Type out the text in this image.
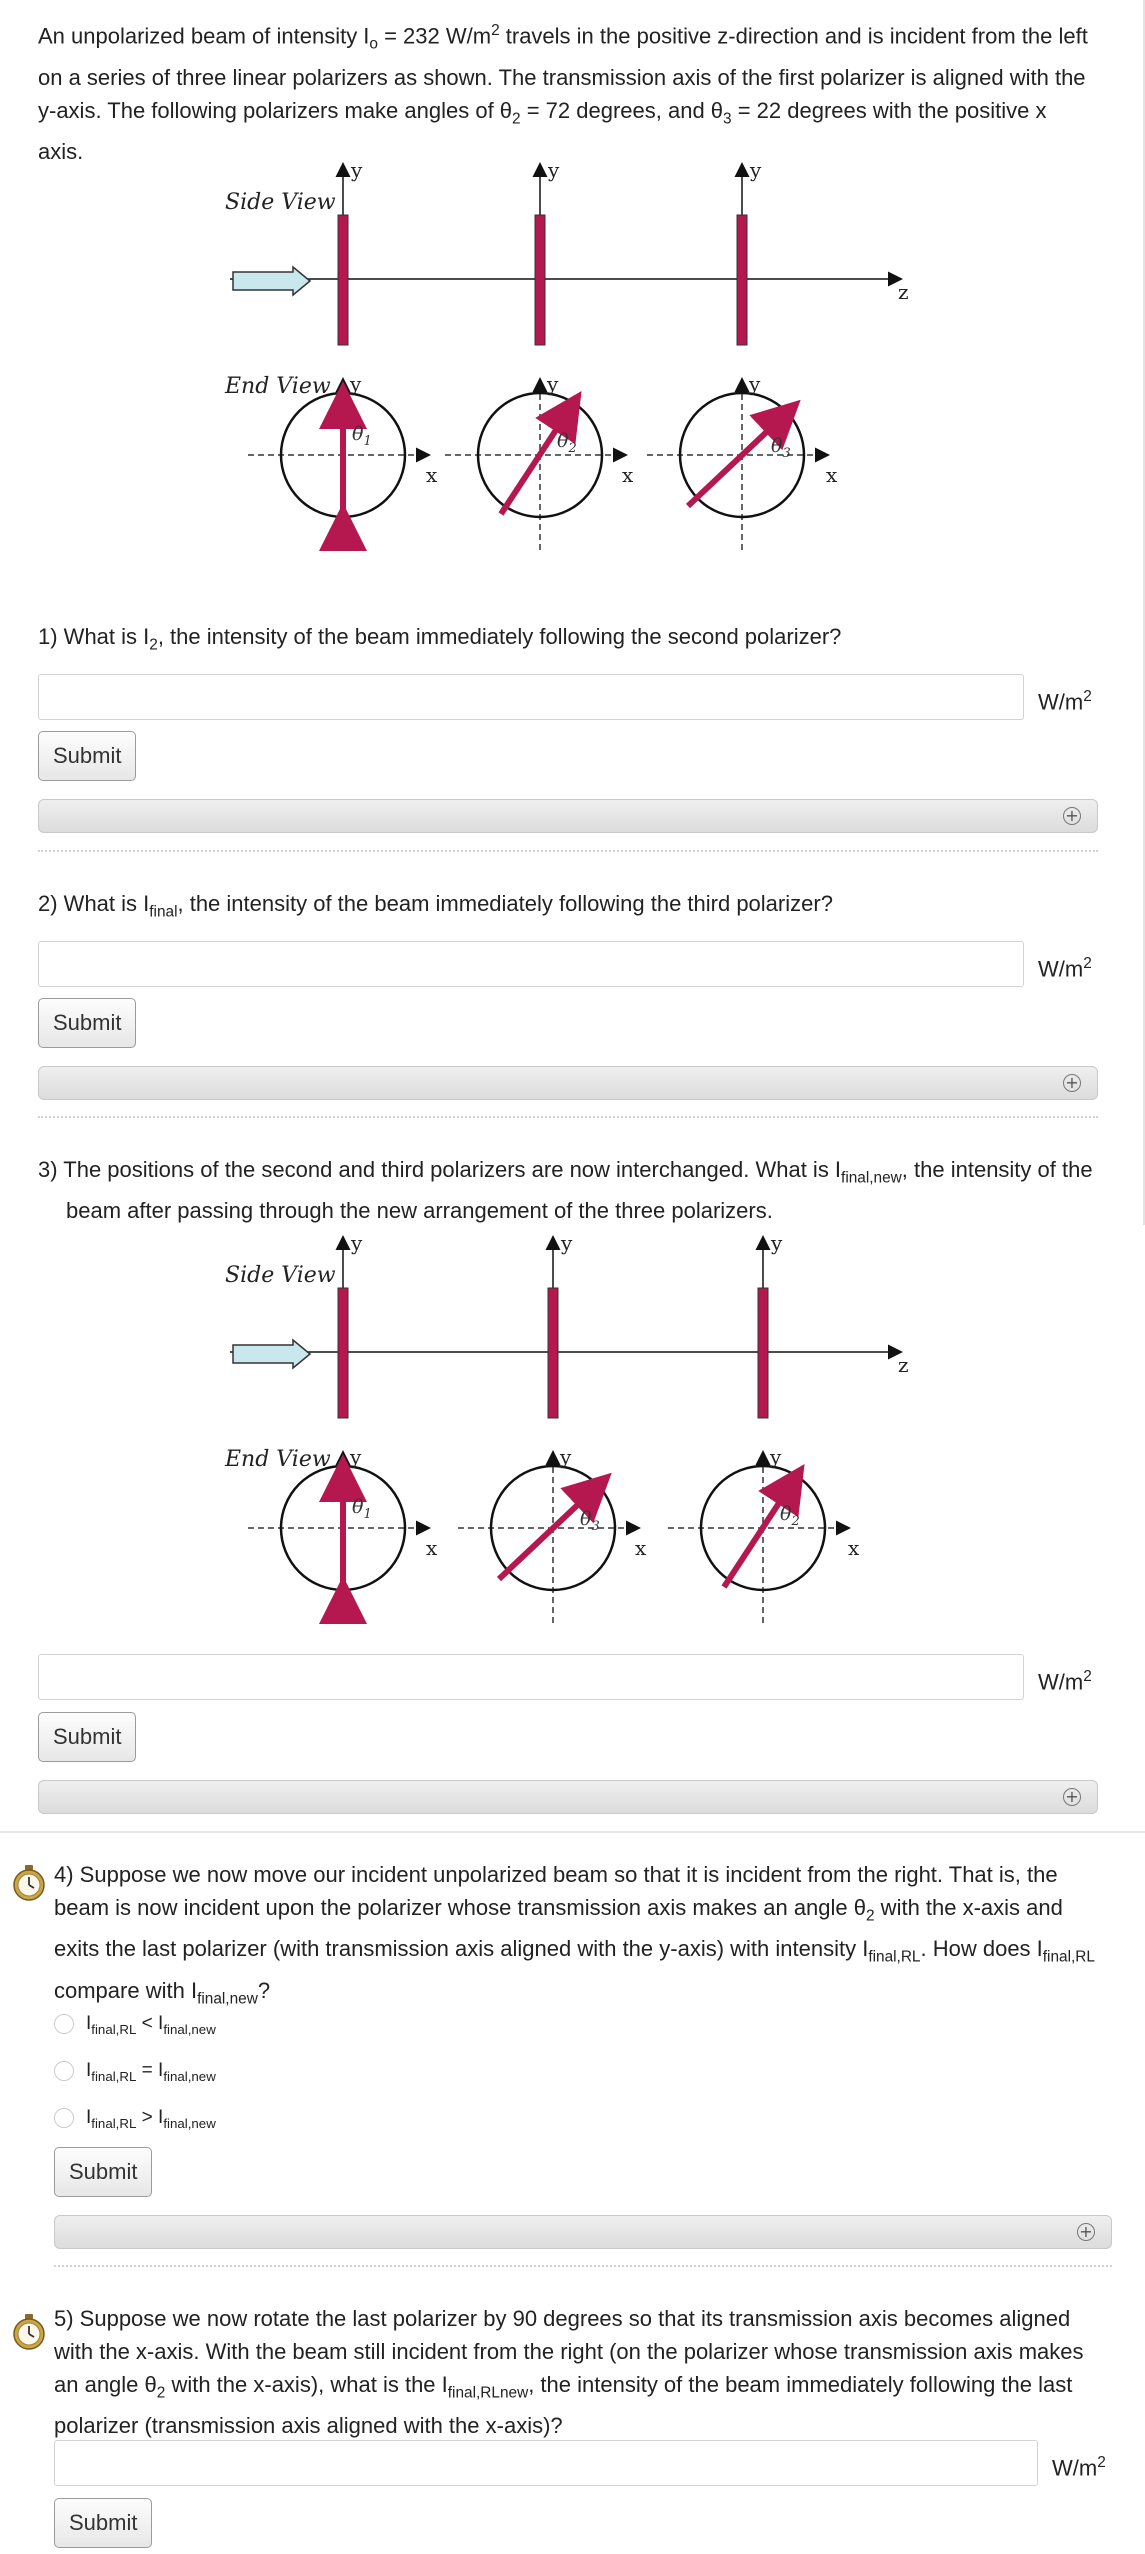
An unpolarized beam of intensity $I_o = 232$ $W/m^2$ travels in the positive z-direction and is incident from the left on a series of three linear polarizers as shown. The transmission axis of the first polarizer is aligned with the y-axis. The following polarizers make angles of $\theta_2 = 72$ degrees, and $\theta_3 = 22$ degrees with the positive x axis.
Side View
z
y	y	y
End View
$\theta_1$
x
y
$\theta_2$
x
y
$\theta_3$
x
y
1) What is $I_2$, the intensity of the beam immediately following the second polarizer?
$W/m^2$
Submit
+
2) What is $I_{final}$, the intensity of the beam immediately following the third polarizer?
$W/m^2$
Submit
+
3) The positions of the second and third polarizers are now interchanged. What is $I_{final,new}$, the intensity of the beam after passing through the new arrangement of the three polarizers.
Side View
z
y	y	y
End View
$\theta_1$
x
y
$\theta_3$
x
y
$\theta_2$
x
y
$W/m^2$
Submit
+
4) Suppose we now move our incident unpolarized beam so that it is incident from the right. That is, the beam is now incident upon the polarizer whose transmission axis makes an angle $\theta_2$ with the x-axis and exits the last polarizer (with transmission axis aligned with the y-axis) with intensity $I_{final,RL}$. How does $I_{final,RL}$ compare with $I_{final,new}$?
$I_{final,RL} < I_{final,new}$
$I_{final,RL} = I_{final,new}$
$I_{final,RL} > I_{final,new}$
Submit
+
5) Suppose we now rotate the last polarizer by 90 degrees so that its transmission axis becomes aligned with the x-axis. With the beam still incident from the right (on the polarizer whose transmission axis makes an angle $\theta_2$ with the x-axis), what is the $I_{final,RLnew}$, the intensity of the beam immediately following the last polarizer (transmission axis aligned with the x-axis)?
$W/m^2$
Submit
